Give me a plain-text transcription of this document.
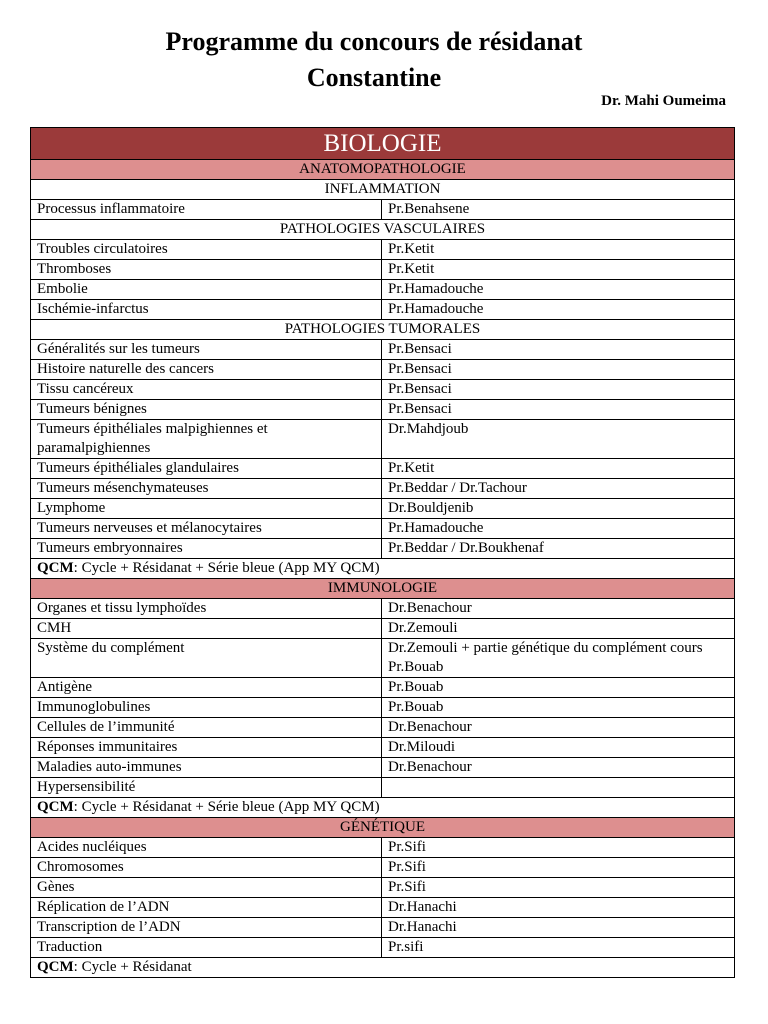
Programme du concours de résidanat
Constantine
Dr. Mahi Oumeima
BIOLOGIE	
ANATOMOPATHOLOGIE	
INFLAMMATION	
Processus inflammatoire	Pr.Benahsene
PATHOLOGIES VASCULAIRES	
Troubles circulatoires	Pr.Ketit
Thromboses	Pr.Ketit
Embolie	Pr.Hamadouche
Ischémie-infarctus	Pr.Hamadouche
PATHOLOGIES TUMORALES	
Généralités sur les tumeurs	Pr.Bensaci
Histoire naturelle des cancers	Pr.Bensaci
Tissu cancéreux	Pr.Bensaci
Tumeurs bénignes	Pr.Bensaci
Tumeurs épithéliales malpighiennes et paramalpighiennes	Dr.Mahdjoub
Tumeurs épithéliales glandulaires	Pr.Ketit
Tumeurs mésenchymateuses	Pr.Beddar / Dr.Tachour
Lymphome	Dr.Bouldjenib
Tumeurs nerveuses et mélanocytaires	Pr.Hamadouche
Tumeurs embryonnaires	Pr.Beddar / Dr.Boukhenaf
QCM: Cycle + Résidanat + Série bleue (App MY QCM)	
IMMUNOLOGIE	
Organes et tissu lymphoïdes	Dr.Benachour
CMH	Dr.Zemouli
Système du complément	Dr.Zemouli + partie génétique du complément cours Pr.Bouab
Antigène	Pr.Bouab
Immunoglobulines	Pr.Bouab
Cellules de l’immunité	Dr.Benachour
Réponses immunitaires	Dr.Miloudi
Maladies auto-immunes	Dr.Benachour
Hypersensibilité	
QCM: Cycle + Résidanat + Série bleue (App MY QCM)	
GÉNÉTIQUE	
Acides nucléiques	Pr.Sifi
Chromosomes	Pr.Sifi
Gènes	Pr.Sifi
Réplication de l’ADN	Dr.Hanachi
Transcription de l’ADN	Dr.Hanachi
Traduction	Pr.sifi
QCM: Cycle + Résidanat	
